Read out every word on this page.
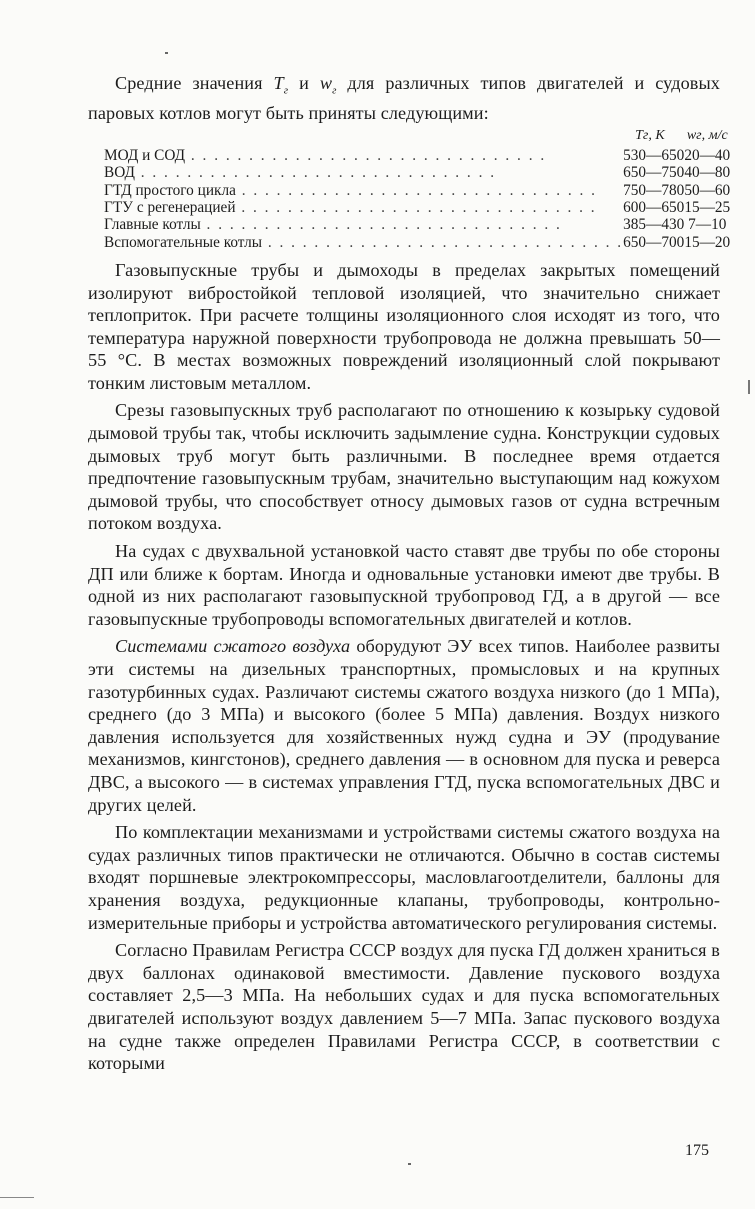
Средние значения $T_г$ и $w_г$ для различных типов двигателей и судовых паровых котлов могут быть приняты следующими:

	Tг, К	wг, м/с
МОД и СОД . . . . . . . . . . . . . . . . . . . . . . . . . . . . . . .	530—650	20—40
ВОД . . . . . . . . . . . . . . . . . . . . . . . . . . . . . . .	650—750	40—80
ГТД простого цикла . . . . . . . . . . . . . . . . . . . . . . . . . . . . . . .	750—780	50—60
ГТУ с регенерацией . . . . . . . . . . . . . . . . . . . . . . . . . . . . . . .	600—650	15—25
Главные котлы . . . . . . . . . . . . . . . . . . . . . . . . . . . . . . .	385—430	7—10
Вспомогательные котлы . . . . . . . . . . . . . . . . . . . . . . . . . . . . . . .	650—700	15—20

Газовыпускные трубы и дымоходы в пределах закрытых помещений изолируют вибростойкой тепловой изоляцией, что значительно снижает теплоприток. При расчете толщины изоляционного слоя исходят из того, что температура наружной поверхности трубопровода не должна превышать 50—55 °С. В местах возможных повреждений изоляционный слой покрывают тонким листовым металлом.

Срезы газовыпускных труб располагают по отношению к козырьку судовой дымовой трубы так, чтобы исключить задымление судна. Конструкции судовых дымовых труб могут быть различными. В последнее время отдается предпочтение газовыпускным трубам, значительно выступающим над кожухом дымовой трубы, что способствует относу дымовых газов от судна встречным потоком воздуха.

На судах с двухвальной установкой часто ставят две трубы по обе стороны ДП или ближе к бортам. Иногда и одновальные установки имеют две трубы. В одной из них располагают газовыпускной трубопровод ГД, а в другой — все газовыпускные трубопроводы вспомогательных двигателей и котлов.

Системами сжатого воздуха оборудуют ЭУ всех типов. Наиболее развиты эти системы на дизельных транспортных, промысловых и на крупных газотурбинных судах. Различают системы сжатого воздуха низкого (до 1 МПа), среднего (до 3 МПа) и высокого (более 5 МПа) давления. Воздух низкого давления используется для хозяйственных нужд судна и ЭУ (продувание механизмов, кингстонов), среднего давления — в основном для пуска и реверса ДВС, а высокого — в системах управления ГТД, пуска вспомогательных ДВС и других целей.

По комплектации механизмами и устройствами системы сжатого воздуха на судах различных типов практически не отличаются. Обычно в состав системы входят поршневые электрокомпрессоры, масловлагоотделители, баллоны для хранения воздуха, редукционные клапаны, трубопроводы, контрольно-измерительные приборы и устройства автоматического регулирования системы.

Согласно Правилам Регистра СССР воздух для пуска ГД должен храниться в двух баллонах одинаковой вместимости. Давление пускового воздуха составляет 2,5—3 МПа. На небольших судах и для пуска вспомогательных двигателей используют воздух давлением 5—7 МПа. Запас пускового воздуха на судне также определен Правилами Регистра СССР, в соответствии с которыми

175
